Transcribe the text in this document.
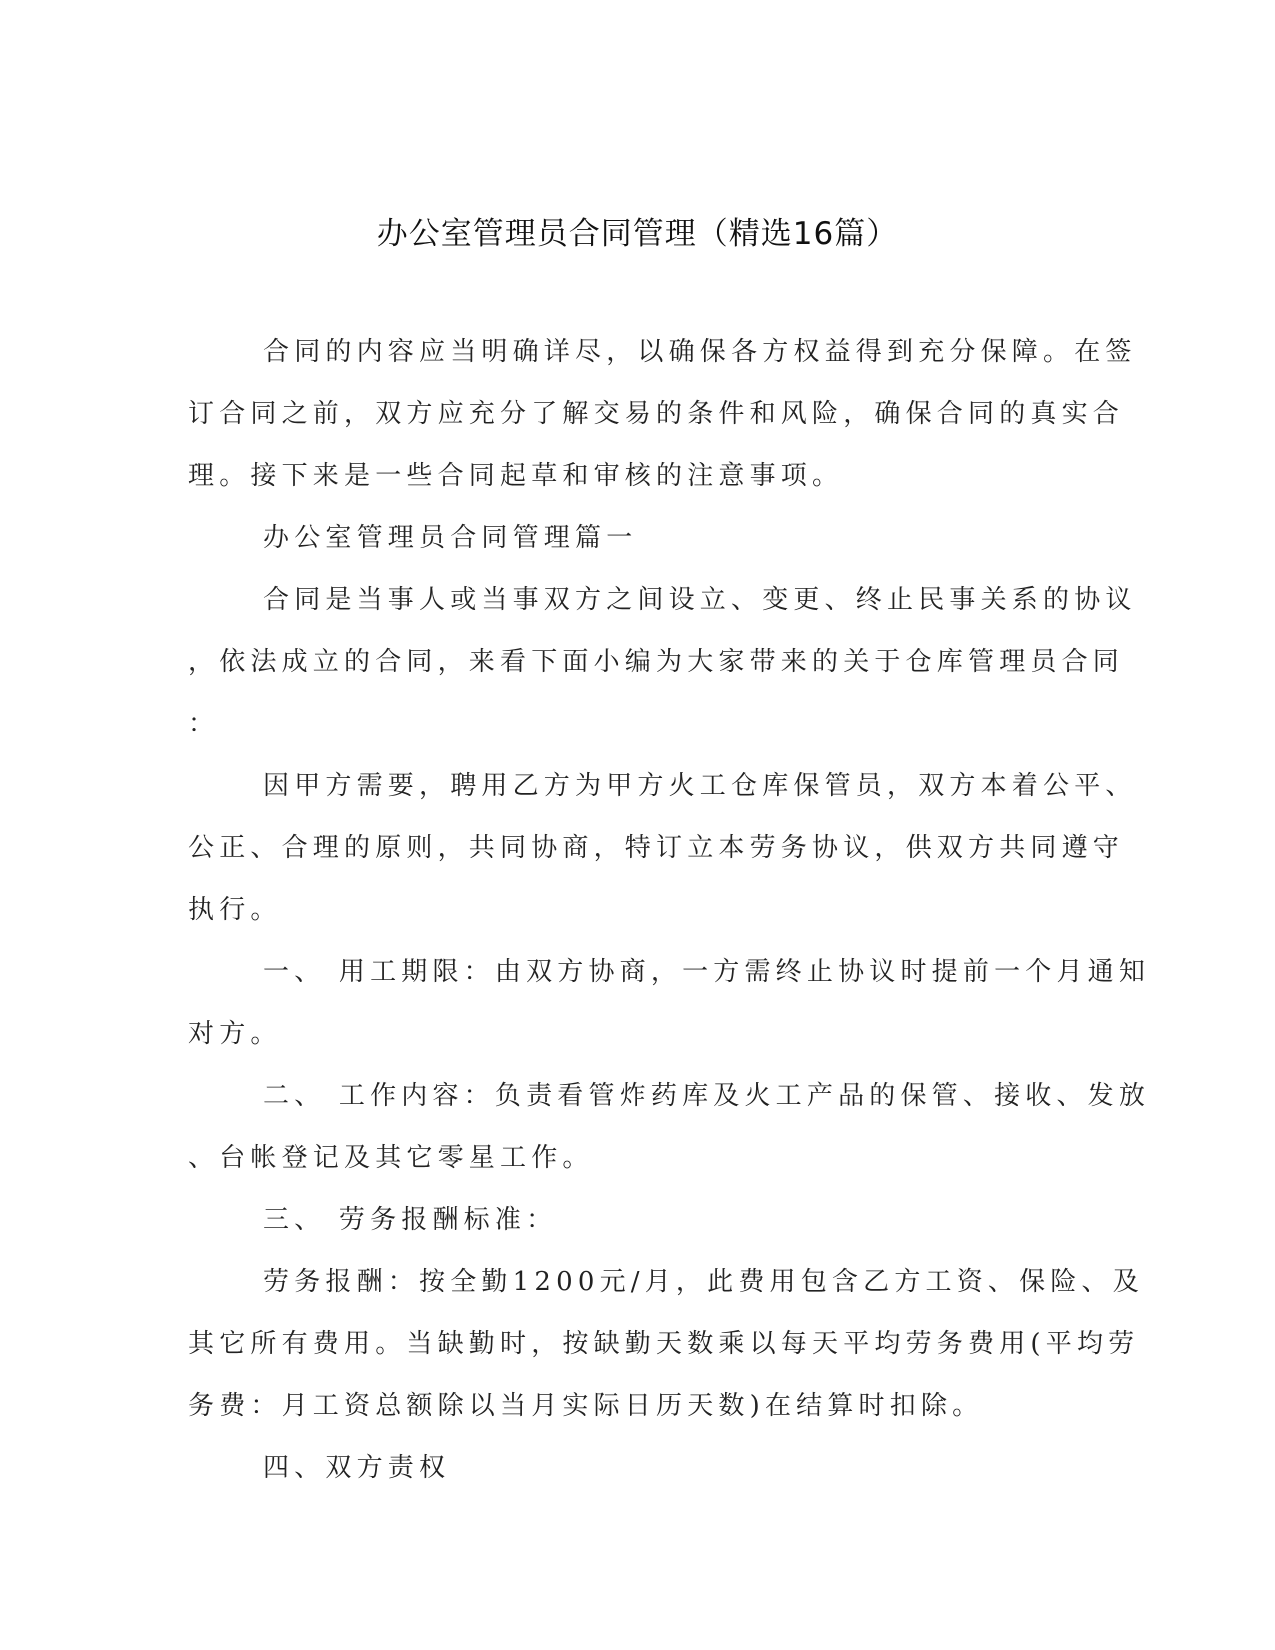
办公室管理员合同管理（精选16篇）
合同的内容应当明确详尽，以确保各方权益得到充分保障。在签
订合同之前，双方应充分了解交易的条件和风险，确保合同的真实合
理。接下来是一些合同起草和审核的注意事项。
办公室管理员合同管理篇一
合同是当事人或当事双方之间设立、变更、终止民事关系的协议
，依法成立的合同，来看下面小编为大家带来的关于仓库管理员合同
：
因甲方需要，聘用乙方为甲方火工仓库保管员，双方本着公平、
公正、合理的原则，共同协商，特订立本劳务协议，供双方共同遵守
执行。
一、 用工期限：由双方协商，一方需终止协议时提前一个月通知
对方。
二、 工作内容：负责看管炸药库及火工产品的保管、接收、发放
、台帐登记及其它零星工作。
三、 劳务报酬标准：
劳务报酬：按全勤1200元/月，此费用包含乙方工资、保险、及
其它所有费用。当缺勤时，按缺勤天数乘以每天平均劳务费用(平均劳
务费：月工资总额除以当月实际日历天数)在结算时扣除。
四、双方责权
